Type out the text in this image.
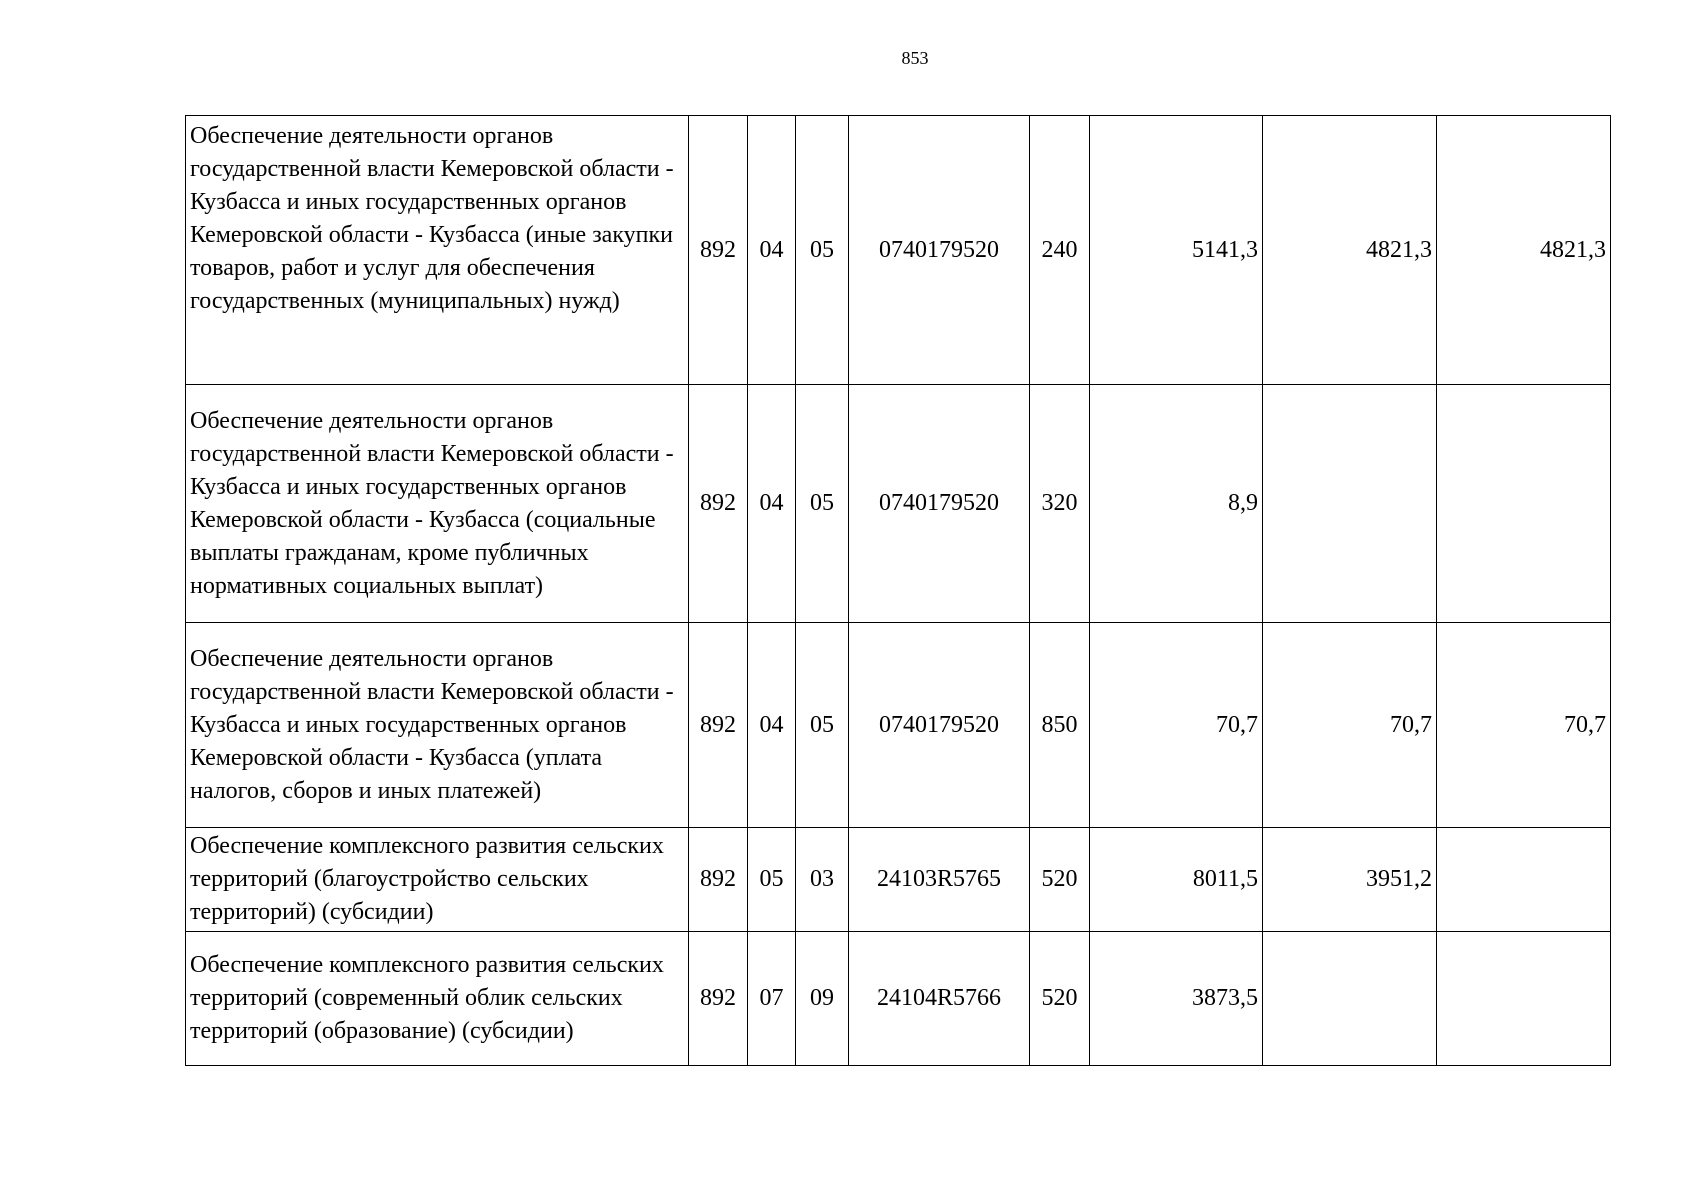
853
Обеспечение деятельности органов государственной власти Кемеровской области - Кузбасса и иных государственных органов Кемеровской области - Кузбасса (иные закупки товаров, работ и услуг для обеспечения государственных (муниципальных) нужд)	892	04	05	0740179520	240	5141,3	4821,3	4821,3
Обеспечение деятельности органов государственной власти Кемеровской области - Кузбасса и иных государственных органов Кемеровской области - Кузбасса (социальные выплаты гражданам, кроме публичных нормативных социальных выплат)	892	04	05	0740179520	320	8,9		
Обеспечение деятельности органов государственной власти Кемеровской области - Кузбасса и иных государственных органов Кемеровской области - Кузбасса (уплата налогов, сборов и иных платежей)	892	04	05	0740179520	850	70,7	70,7	70,7
Обеспечение комплексного развития сельских территорий (благоустройство сельских территорий) (субсидии)	892	05	03	24103R5765	520	8011,5	3951,2	
Обеспечение комплексного развития сельских территорий (современный облик сельских территорий (образование) (субсидии)	892	07	09	24104R5766	520	3873,5		
